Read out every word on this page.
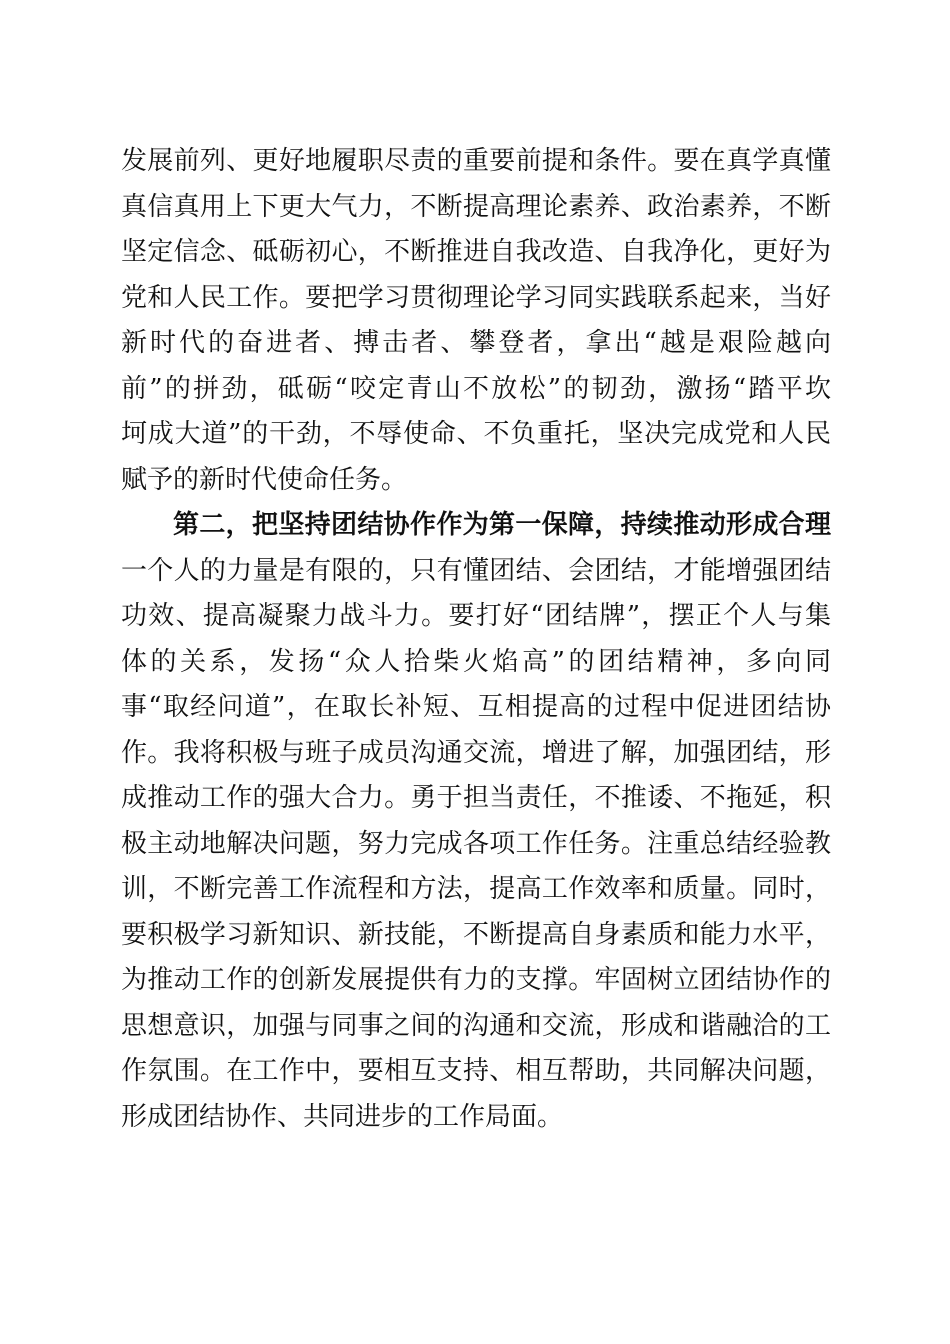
发展前列、更好地履职尽责的重要前提和条件。要在真学真懂
真信真用上下更大气力，不断提高理论素养、政治素养，不断
坚定信念、砥砺初心，不断推进自我改造、自我净化，更好为
党和人民工作。要把学习贯彻理论学习同实践联系起来，当好
新时代的奋进者、搏击者、攀登者，拿出“越是艰险越向
前”的拼劲，砥砺“咬定青山不放松”的韧劲，激扬“踏平坎
坷成大道”的干劲，不辱使命、不负重托，坚决完成党和人民
赋予的新时代使命任务。
第二，把坚持团结协作作为第一保障，持续推动形成合理
一个人的力量是有限的，只有懂团结、会团结，才能增强团结
功效、提高凝聚力战斗力。要打好“团结牌”，摆正个人与集
体的关系，发扬“众人拾柴火焰高”的团结精神，多向同
事“取经问道”，在取长补短、互相提高的过程中促进团结协
作。我将积极与班子成员沟通交流，增进了解，加强团结，形
成推动工作的强大合力。勇于担当责任，不推诿、不拖延，积
极主动地解决问题，努力完成各项工作任务。注重总结经验教
训，不断完善工作流程和方法，提高工作效率和质量。同时，
要积极学习新知识、新技能，不断提高自身素质和能力水平，
为推动工作的创新发展提供有力的支撑。牢固树立团结协作的
思想意识，加强与同事之间的沟通和交流，形成和谐融洽的工
作氛围。在工作中，要相互支持、相互帮助，共同解决问题，
形成团结协作、共同进步的工作局面。
